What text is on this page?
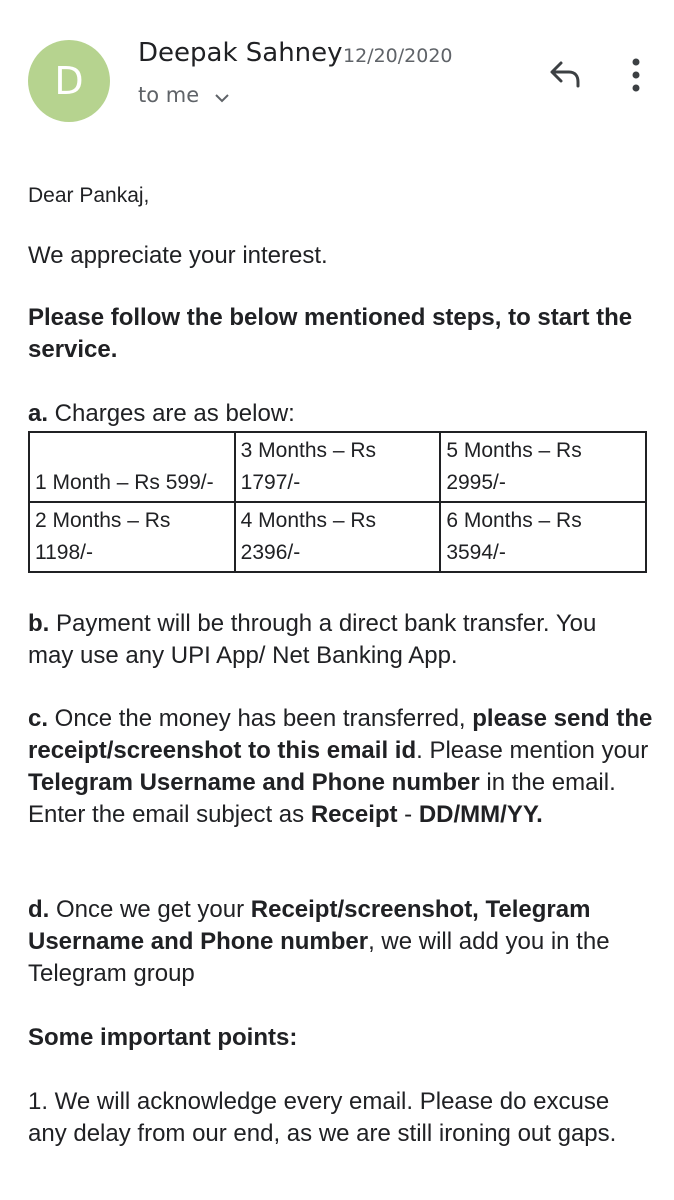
D
Deepak Sahney 12/20/2020
to me

Dear Pankaj,

We appreciate your interest.

Please follow the below mentioned steps, to start the service.

a. Charges are as below:

1 Month – Rs 599/-	3 Months – Rs 1797/-	5 Months – Rs 2995/-
2 Months – Rs 1198/-	4 Months – Rs 2396/-	6 Months – Rs 3594/-

b. Payment will be through a direct bank transfer. You may use any UPI App/ Net Banking App.

c. Once the money has been transferred, please send the receipt/screenshot to this email id. Please mention your Telegram Username and Phone number in the email. Enter the email subject as Receipt - DD/MM/YY.

d. Once we get your Receipt/screenshot, Telegram Username and Phone number, we will add you in the Telegram group

Some important points:

1. We will acknowledge every email. Please do excuse any delay from our end, as we are still ironing out gaps.
